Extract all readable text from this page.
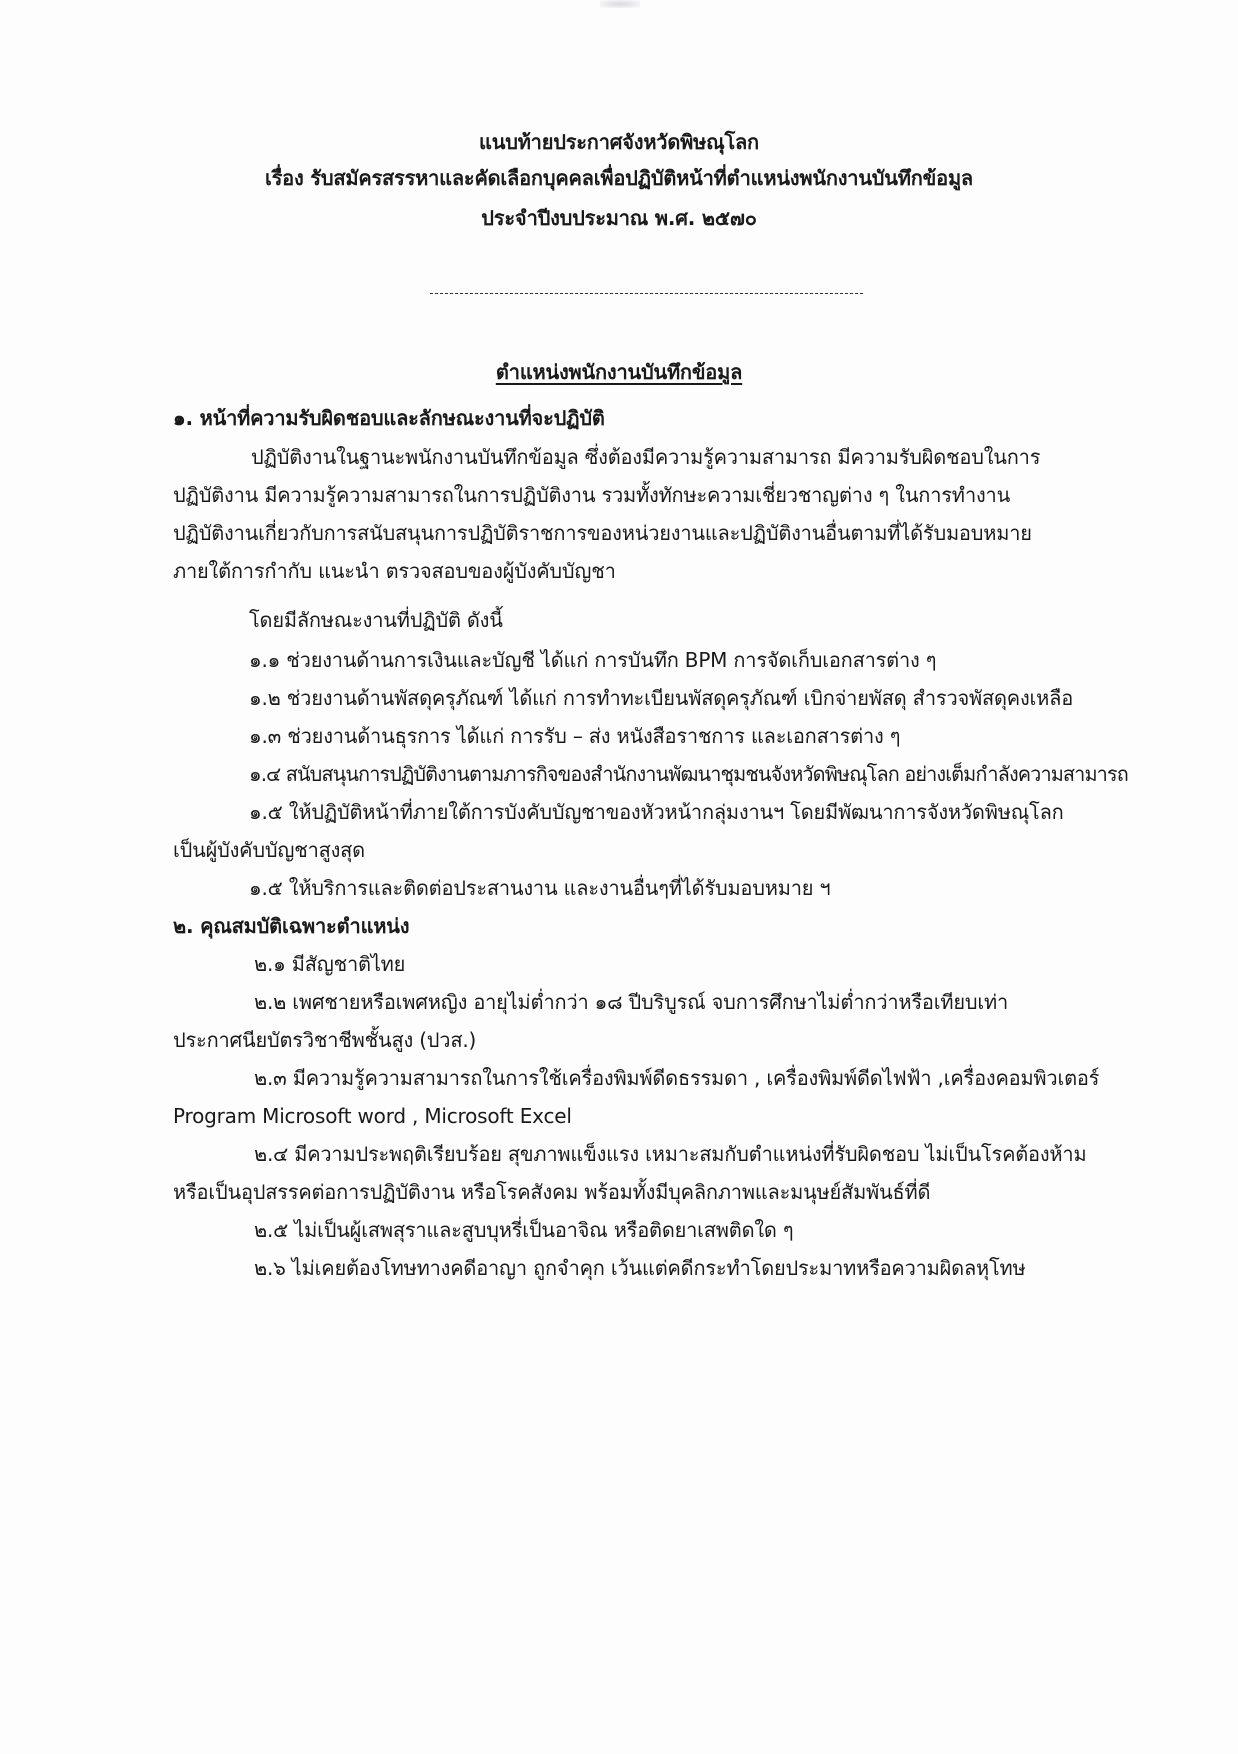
แนบท้ายประกาศจังหวัดพิษณุโลก
เรื่อง รับสมัครสรรหาและคัดเลือกบุคคลเพื่อปฏิบัติหน้าที่ตำแหน่งพนักงานบันทึกข้อมูล
ประจำปีงบประมาณ พ.ศ. ๒๕๗๐
ตำแหน่งพนักงานบันทึกข้อมูล
๑. หน้าที่ความรับผิดชอบและลักษณะงานที่จะปฏิบัติ
ปฏิบัติงานในฐานะพนักงานบันทึกข้อมูล ซึ่งต้องมีความรู้ความสามารถ มีความรับผิดชอบในการ
ปฏิบัติงาน มีความรู้ความสามารถในการปฏิบัติงาน รวมทั้งทักษะความเชี่ยวชาญต่าง ๆ ในการทำงาน
ปฏิบัติงานเกี่ยวกับการสนับสนุนการปฏิบัติราชการของหน่วยงานและปฏิบัติงานอื่นตามที่ได้รับมอบหมาย
ภายใต้การกำกับ แนะนำ ตรวจสอบของผู้บังคับบัญชา
โดยมีลักษณะงานที่ปฏิบัติ ดังนี้
๑.๑ ช่วยงานด้านการเงินและบัญชี ได้แก่ การบันทึก BPM การจัดเก็บเอกสารต่าง ๆ
๑.๒ ช่วยงานด้านพัสดุครุภัณฑ์ ได้แก่ การทำทะเบียนพัสดุครุภัณฑ์ เบิกจ่ายพัสดุ สำรวจพัสดุคงเหลือ
๑.๓ ช่วยงานด้านธุรการ ได้แก่ การรับ – ส่ง หนังสือราชการ และเอกสารต่าง ๆ
๑.๔ สนับสนุนการปฏิบัติงานตามภารกิจของสำนักงานพัฒนาชุมชนจังหวัดพิษณุโลก อย่างเต็มกำลังความสามารถ
๑.๕ ให้ปฏิบัติหน้าที่ภายใต้การบังคับบัญชาของหัวหน้ากลุ่มงานฯ โดยมีพัฒนาการจังหวัดพิษณุโลก
เป็นผู้บังคับบัญชาสูงสุด
๑.๕ ให้บริการและติดต่อประสานงาน และงานอื่นๆที่ได้รับมอบหมาย ฯ
๒. คุณสมบัติเฉพาะตำแหน่ง
๒.๑ มีสัญชาติไทย
๒.๒ เพศชายหรือเพศหญิง อายุไม่ต่ำกว่า ๑๘ ปีบริบูรณ์ จบการศึกษาไม่ต่ำกว่าหรือเทียบเท่า
ประกาศนียบัตรวิชาชีพชั้นสูง (ปวส.)
๒.๓ มีความรู้ความสามารถในการใช้เครื่องพิมพ์ดีดธรรมดา , เครื่องพิมพ์ดีดไฟฟ้า ,เครื่องคอมพิวเตอร์
Program Microsoft word , Microsoft Excel
๒.๔ มีความประพฤติเรียบร้อย สุขภาพแข็งแรง เหมาะสมกับตำแหน่งที่รับผิดชอบ ไม่เป็นโรคต้องห้าม
หรือเป็นอุปสรรคต่อการปฏิบัติงาน หรือโรคสังคม พร้อมทั้งมีบุคลิกภาพและมนุษย์สัมพันธ์ที่ดี
๒.๕ ไม่เป็นผู้เสพสุราและสูบบุหรี่เป็นอาจิณ หรือติดยาเสพติดใด ๆ
๒.๖ ไม่เคยต้องโทษทางคดีอาญา ถูกจำคุก เว้นแต่คดีกระทำโดยประมาทหรือความผิดลหุโทษ
